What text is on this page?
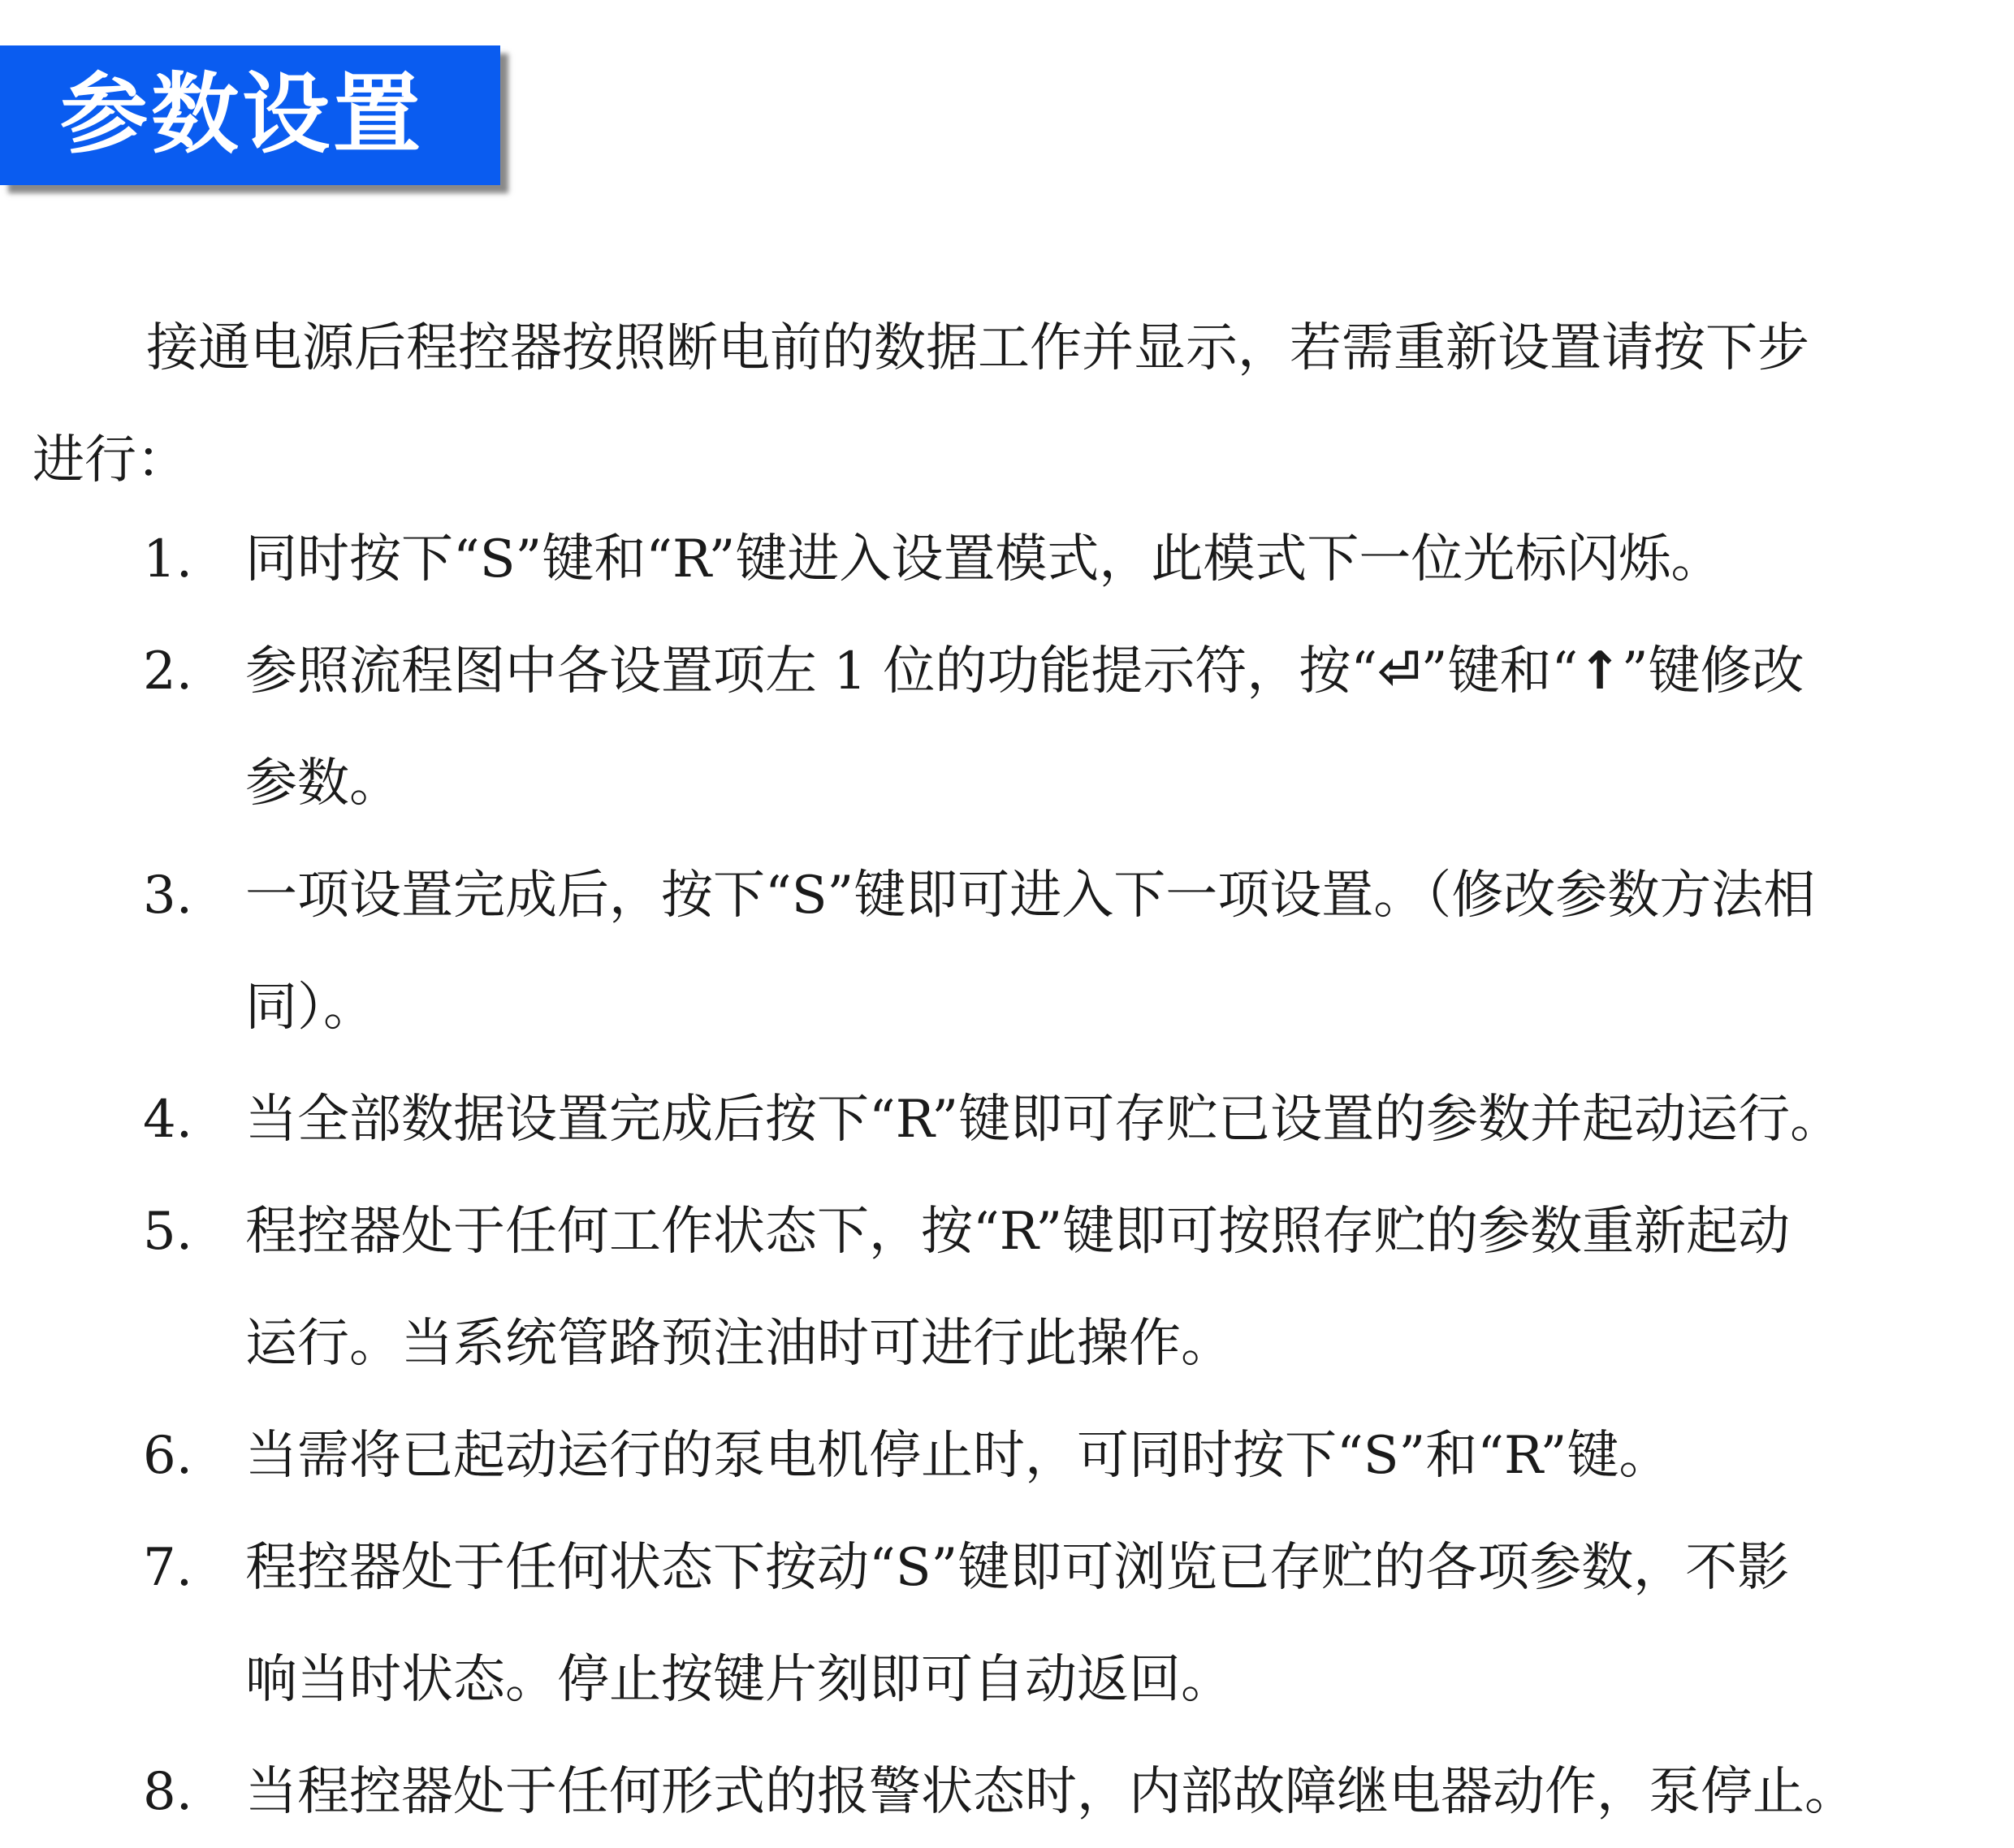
参数设置
接通电源后程控器按照断电前的数据工作并显示，若需重新设置请按下步
进行：
1. 同时按下“S”键和“R”键进入设置模式，此模式下一位光标闪烁。
2. 参照流程图中各设置项左 1 位的功能提示符，按“⏎”键和“↑”键修改
参数。
3. 一项设置完成后，按下“S”键即可进入下一项设置。（修改参数方法相
同）。
4. 当全部数据设置完成后按下“R”键即可存贮已设置的参数并起动运行。
5. 程控器处于任何工作状态下，按“R”键即可按照存贮的参数重新起动
运行。当系统管路预注油时可进行此操作。
6. 当需将已起动运行的泵电机停止时，可同时按下“S”和“R”键。
7. 程控器处于任何状态下按动“S”键即可浏览已存贮的各项参数，不影
响当时状态。停止按键片刻即可自动返回。
8. 当程控器处于任何形式的报警状态时，内部故障继电器动作，泵停止。
